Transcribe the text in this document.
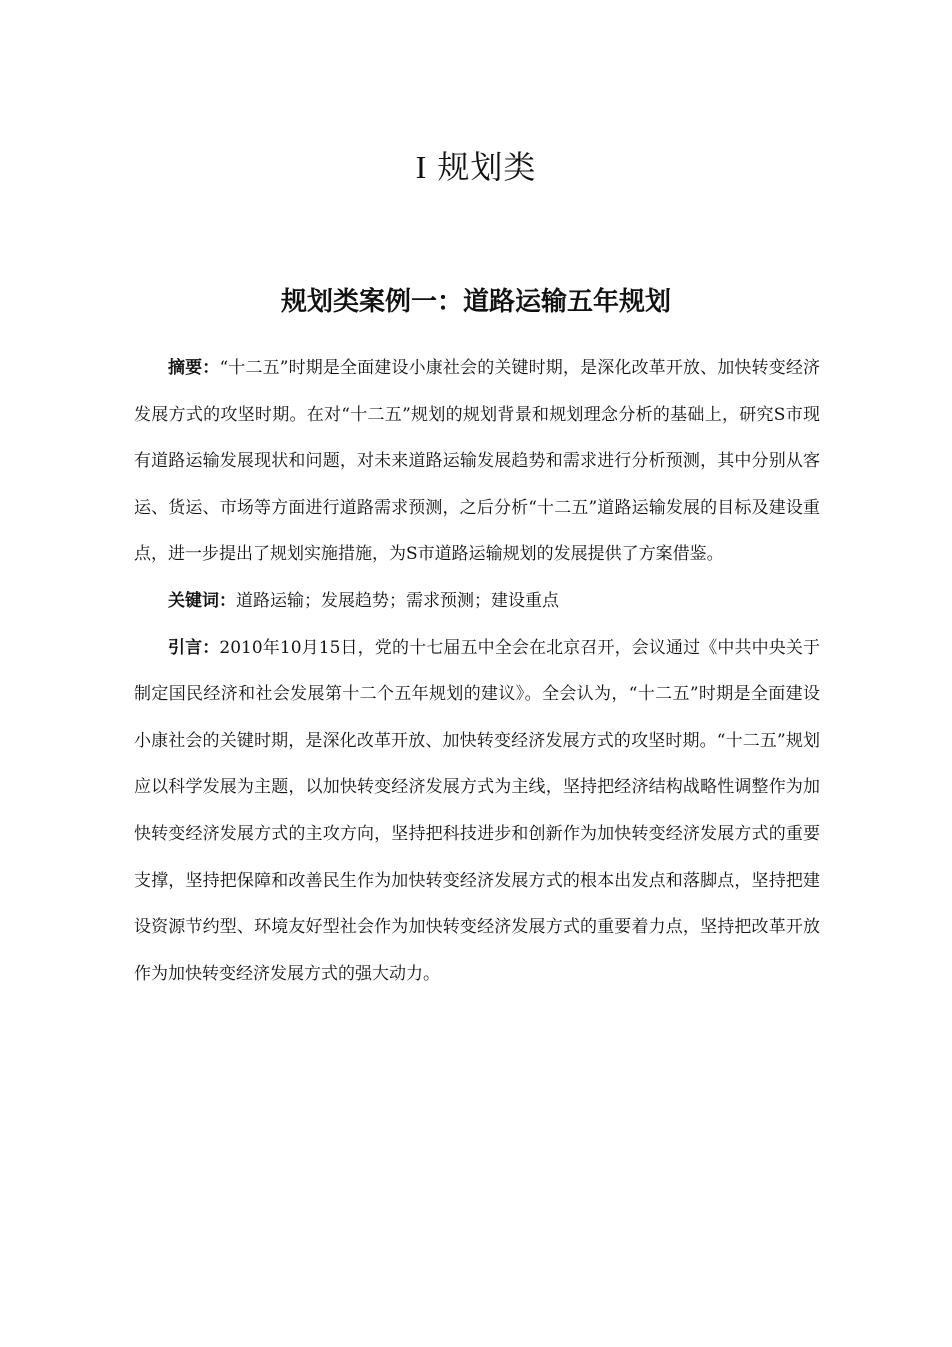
I 规划类
规划类案例一：道路运输五年规划

摘要：“十二五”时期是全面建设小康社会的关键时期，是深化改革开放、加快转变经济发展方式的攻坚时期。在对“十二五”规划的规划背景和规划理念分析的基础上，研究S市现有道路运输发展现状和问题，对未来道路运输发展趋势和需求进行分析预测，其中分别从客运、货运、市场等方面进行道路需求预测，之后分析“十二五”道路运输发展的目标及建设重点，进一步提出了规划实施措施，为S市道路运输规划的发展提供了方案借鉴。

关键词：道路运输；发展趋势；需求预测；建设重点

引言：2010年10月15日，党的十七届五中全会在北京召开，会议通过《中共中央关于制定国民经济和社会发展第十二个五年规划的建议》。全会认为，“十二五”时期是全面建设小康社会的关键时期，是深化改革开放、加快转变经济发展方式的攻坚时期。“十二五”规划应以科学发展为主题，以加快转变经济发展方式为主线，坚持把经济结构战略性调整作为加快转变经济发展方式的主攻方向，坚持把科技进步和创新作为加快转变经济发展方式的重要支撑，坚持把保障和改善民生作为加快转变经济发展方式的根本出发点和落脚点，坚持把建设资源节约型、环境友好型社会作为加快转变经济发展方式的重要着力点，坚持把改革开放作为加快转变经济发展方式的强大动力。
